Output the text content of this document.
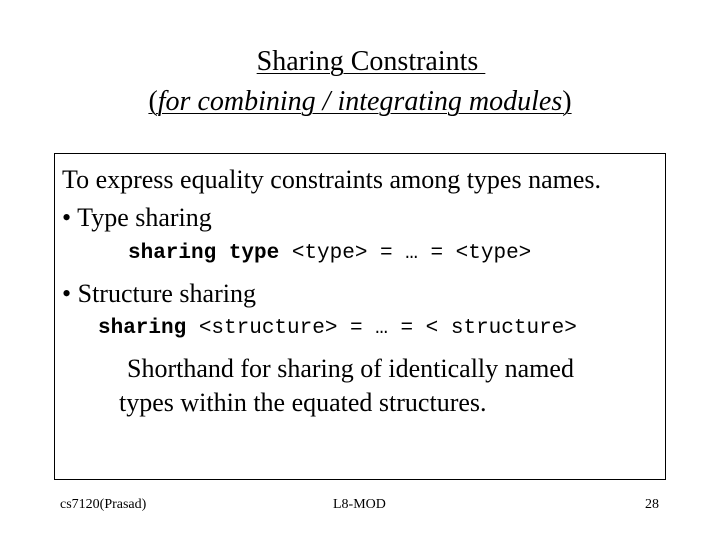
Sharing Constraints
(for combining / integrating modules)
To express equality constraints among types names.
• Type sharing
sharing type <type> = … = <type>
• Structure sharing
sharing <structure> = … = < structure>
Shorthand for sharing of identically named
types within the equated structures.
cs7120(Prasad)	L8-MOD	28
